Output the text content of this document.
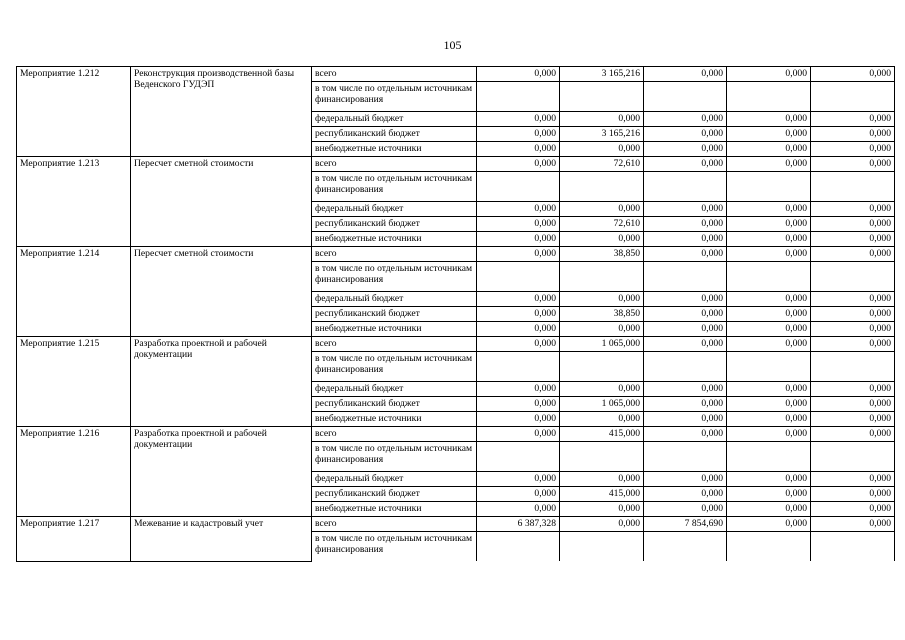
105
Мероприятие 1.212	Реконструкция производственной базы Веденского ГУДЭП	всего	0,000	3 165,216	0,000	0,000	0,000
		в том числе по отдельным источникам финансирования					
		федеральный бюджет	0,000	0,000	0,000	0,000	0,000
		республиканский бюджет	0,000	3 165,216	0,000	0,000	0,000
		внебюджетные источники	0,000	0,000	0,000	0,000	0,000
Мероприятие 1.213	Пересчет сметной стоимости	всего	0,000	72,610	0,000	0,000	0,000
		в том числе по отдельным источникам финансирования					
		федеральный бюджет	0,000	0,000	0,000	0,000	0,000
		республиканский бюджет	0,000	72,610	0,000	0,000	0,000
		внебюджетные источники	0,000	0,000	0,000	0,000	0,000
Мероприятие 1.214	Пересчет сметной стоимости	всего	0,000	38,850	0,000	0,000	0,000
		в том числе по отдельным источникам финансирования					
		федеральный бюджет	0,000	0,000	0,000	0,000	0,000
		республиканский бюджет	0,000	38,850	0,000	0,000	0,000
		внебюджетные источники	0,000	0,000	0,000	0,000	0,000
Мероприятие 1.215	Разработка проектной и рабочей документации	всего	0,000	1 065,000	0,000	0,000	0,000
		в том числе по отдельным источникам финансирования					
		федеральный бюджет	0,000	0,000	0,000	0,000	0,000
		республиканский бюджет	0,000	1 065,000	0,000	0,000	0,000
		внебюджетные источники	0,000	0,000	0,000	0,000	0,000
Мероприятие 1.216	Разработка проектной и рабочей документации	всего	0,000	415,000	0,000	0,000	0,000
		в том числе по отдельным источникам финансирования					
		федеральный бюджет	0,000	0,000	0,000	0,000	0,000
		республиканский бюджет	0,000	415,000	0,000	0,000	0,000
		внебюджетные источники	0,000	0,000	0,000	0,000	0,000
Мероприятие 1.217	Межевание и кадастровый учет	всего	6 387,328	0,000	7 854,690	0,000	0,000
		в том числе по отдельным источникам финансирования					
